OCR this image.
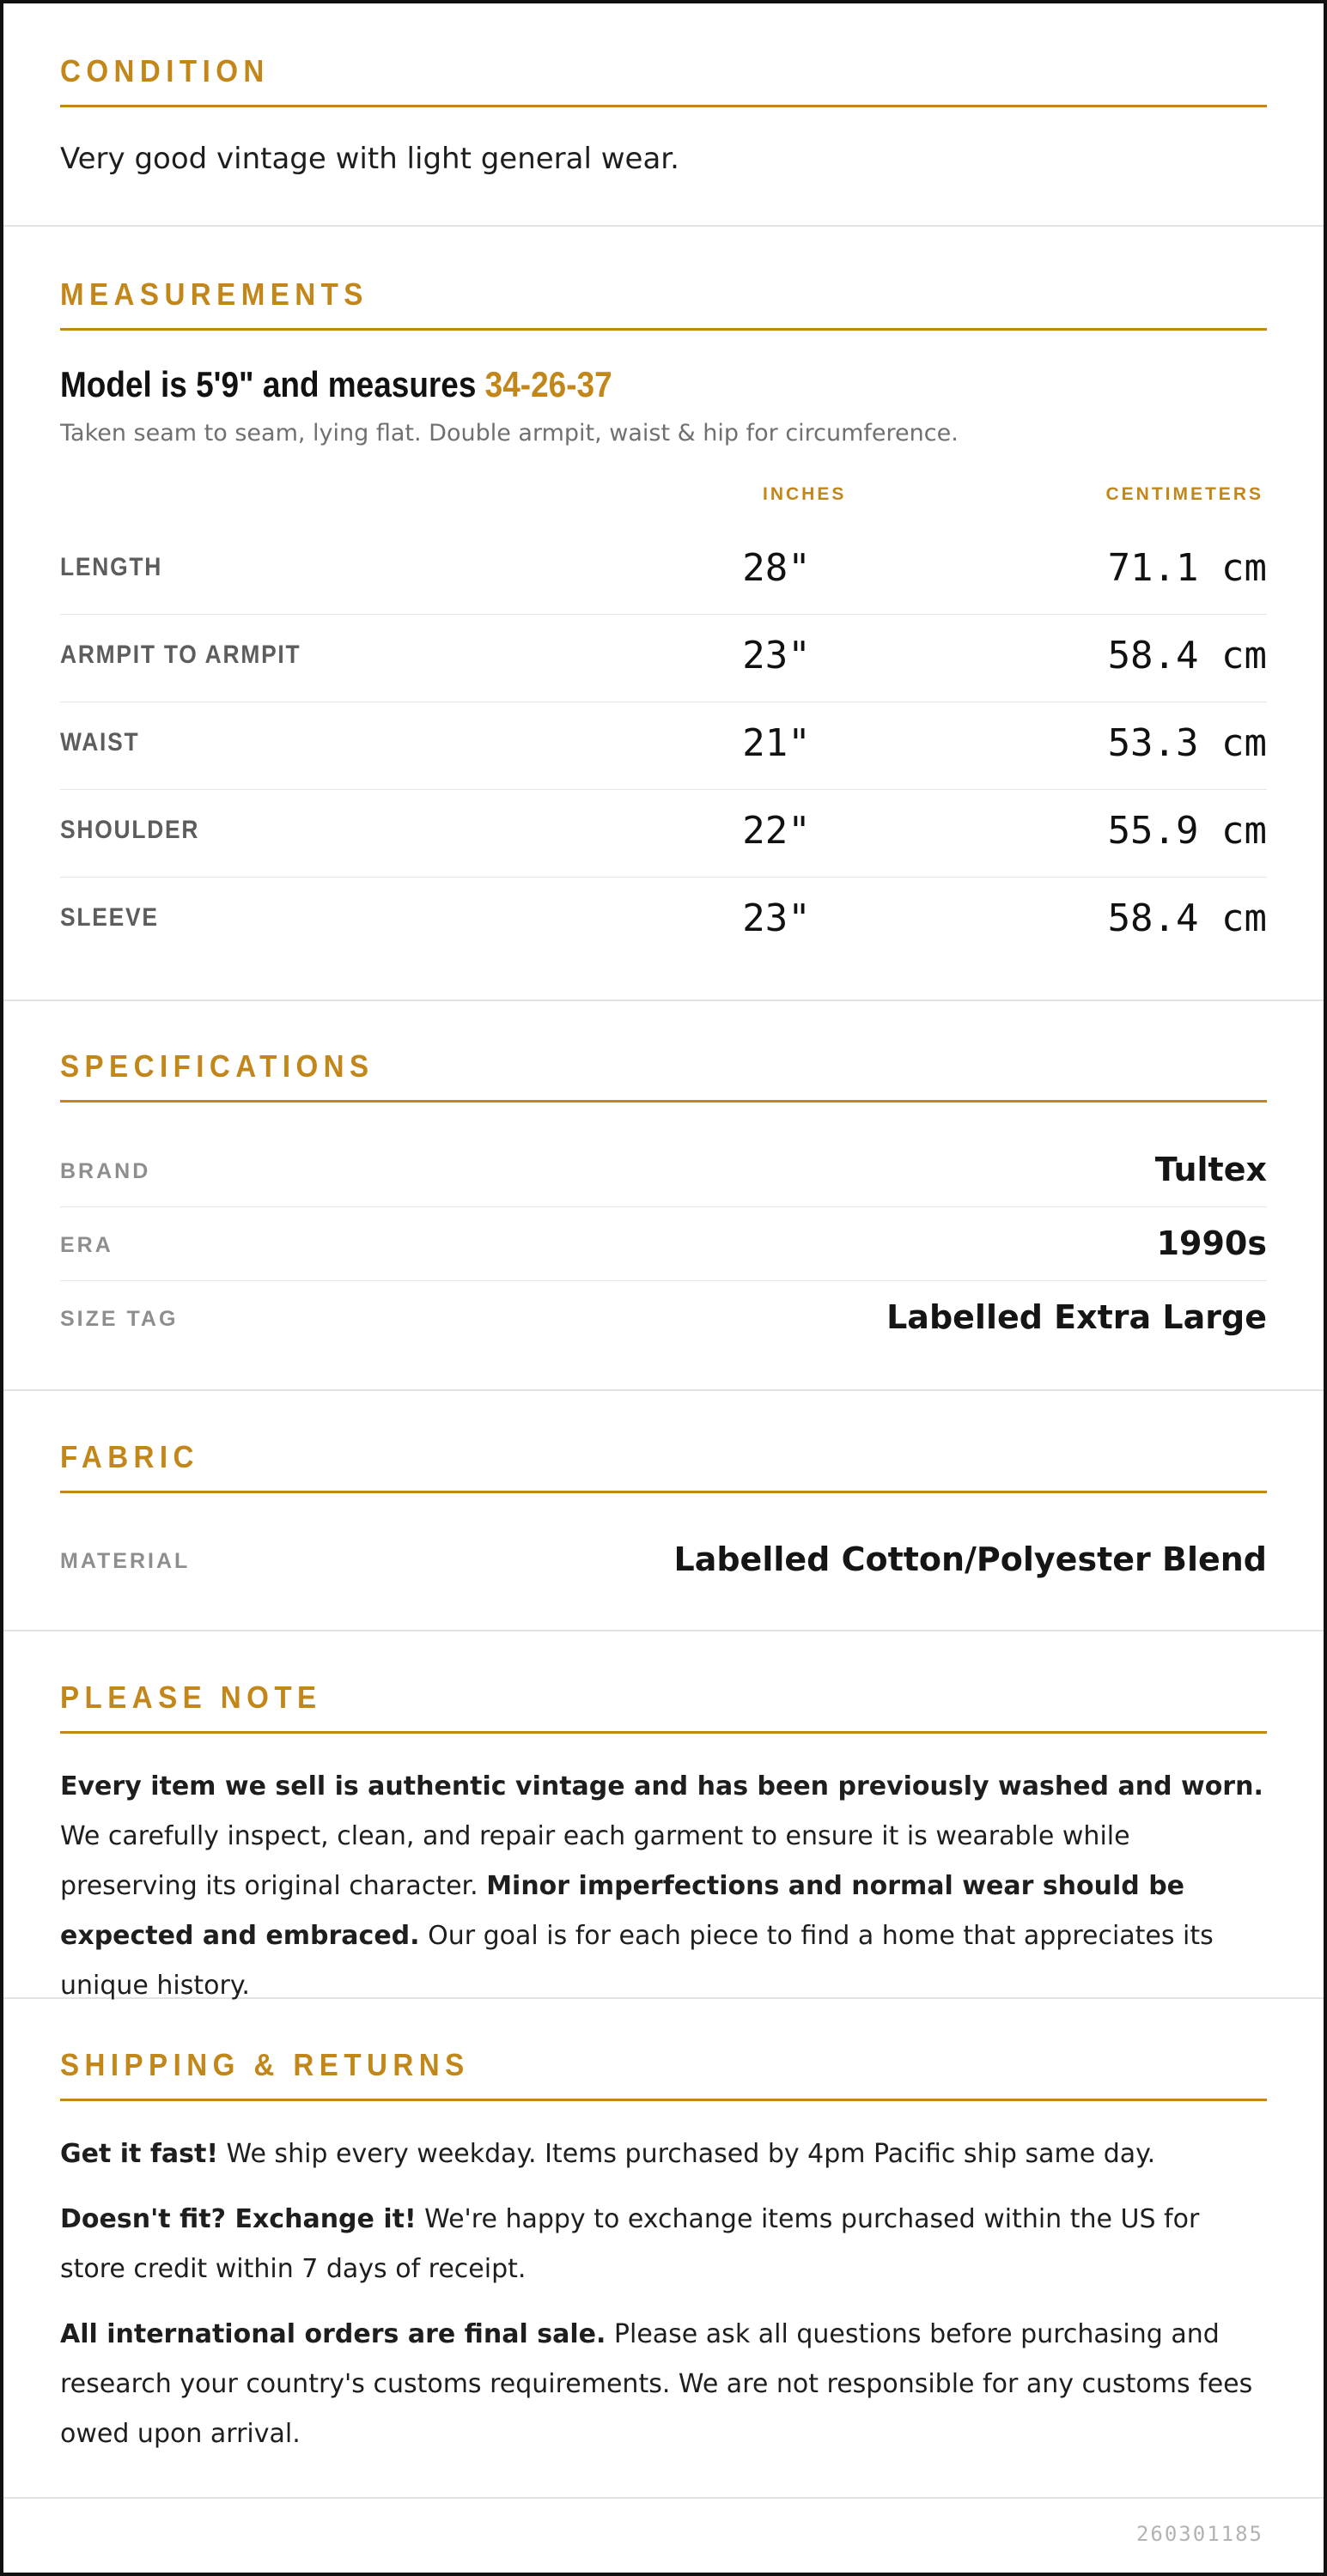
CONDITION
Very good vintage with light general wear.
MEASUREMENTS
Model is 5'9" and measures 34-26-37
Taken seam to seam, lying flat. Double armpit, waist & hip for circumference.
INCHES	CENTIMETERS
LENGTH	28"	71.1 cm
ARMPIT TO ARMPIT	23"	58.4 cm
WAIST	21"	53.3 cm
SHOULDER	22"	55.9 cm
SLEEVE	23"	58.4 cm
SPECIFICATIONS
BRAND	Tultex
ERA	1990s
SIZE TAG	Labelled Extra Large
FABRIC
MATERIAL	Labelled Cotton/Polyester Blend
PLEASE NOTE
Every item we sell is authentic vintage and has been previously washed and worn. We carefully inspect, clean, and repair each garment to ensure it is wearable while preserving its original character. Minor imperfections and normal wear should be expected and embraced. Our goal is for each piece to find a home that appreciates its unique history.
SHIPPING & RETURNS
Get it fast! We ship every weekday. Items purchased by 4pm Pacific ship same day.
Doesn't fit? Exchange it! We're happy to exchange items purchased within the US for store credit within 7 days of receipt.
All international orders are final sale. Please ask all questions before purchasing and research your country's customs requirements. We are not responsible for any customs fees owed upon arrival.
260301185
